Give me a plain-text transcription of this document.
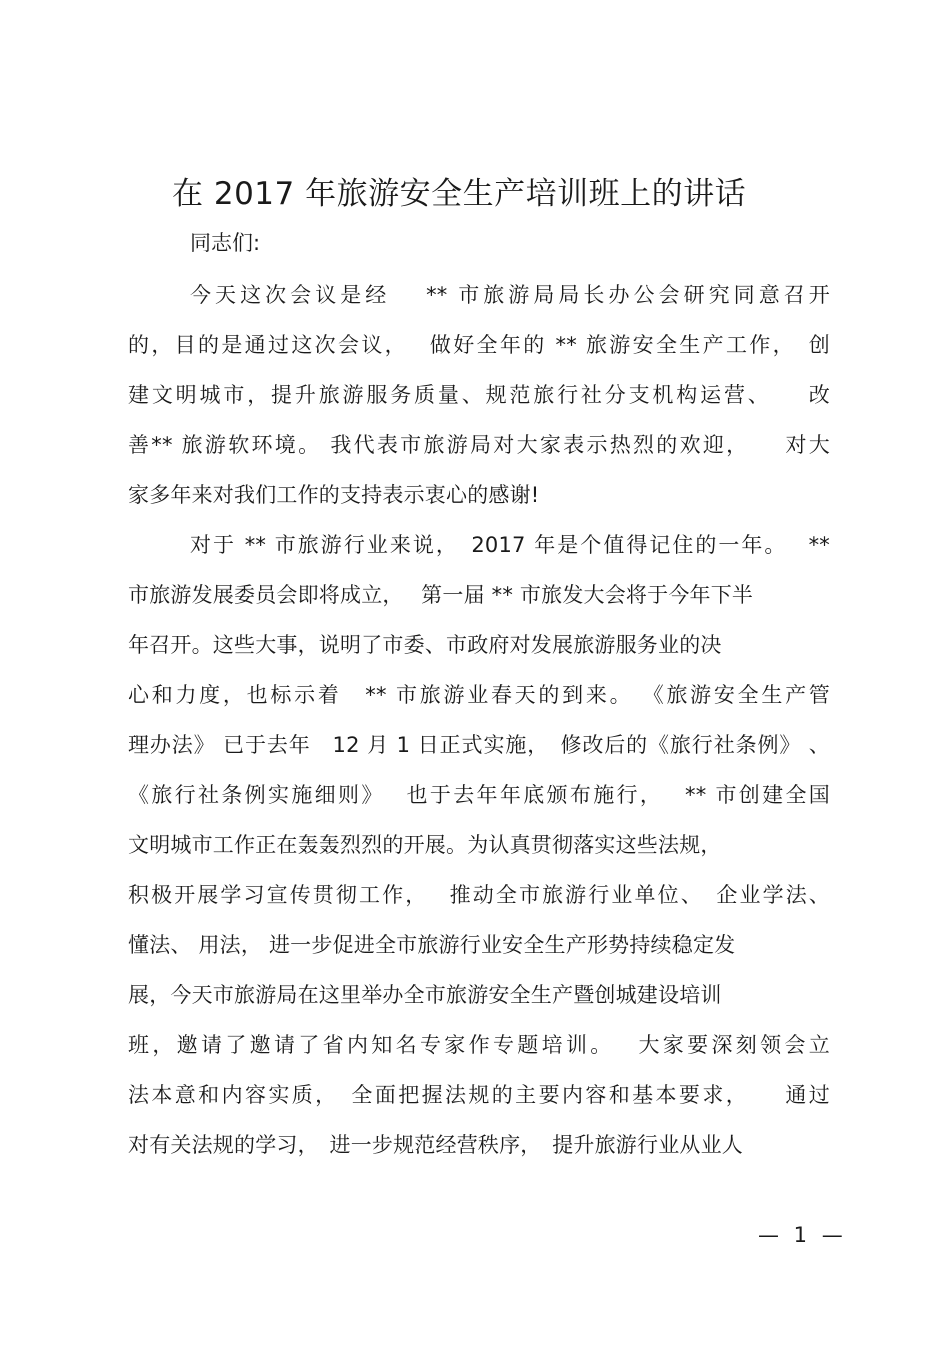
在 2017 年旅游安全生产培训班上的讲话
同志们:
今天这次会议是经　 ** 市旅游局局长办公会研究同意召开
的，目的是通过这次会议，　 做好全年的 ** 旅游安全生产工作，　创
建文明城市，提升旅游服务质量、规范旅行社分支机构运营、　　改
善** 旅游软环境。 我代表市旅游局对大家表示热烈的欢迎，　　对大
家多年来对我们工作的支持表示衷心的感谢!
对于 ** 市旅游行业来说，　2017 年是个值得记住的一年。　 **
市旅游发展委员会即将成立，　 第一届 ** 市旅发大会将于今年下半
年召开。这些大事，说明了市委、市政府对发展旅游服务业的决
心和力度，也标示着　** 市旅游业春天的到来。 《旅游安全生产管
理办法》 已于去年　12 月 1 日正式实施，　修改后的《旅行社条例》 、
《旅行社条例实施细则》　 也于去年年底颁布施行，　 ** 市创建全国
文明城市工作正在轰轰烈烈的开展。为认真贯彻落实这些法规，
积极开展学习宣传贯彻工作，　 推动全市旅游行业单位、　企业学法、
懂法、 用法， 进一步促进全市旅游行业安全生产形势持续稳定发
展，今天市旅游局在这里举办全市旅游安全生产暨创城建设培训
班，邀请了邀请了省内知名专家作专题培训。　 大家要深刻领会立
法本意和内容实质，　全面把握法规的主要内容和基本要求，　　通过
对有关法规的学习，　进一步规范经营秩序，　提升旅游行业从业人
— 1 —
